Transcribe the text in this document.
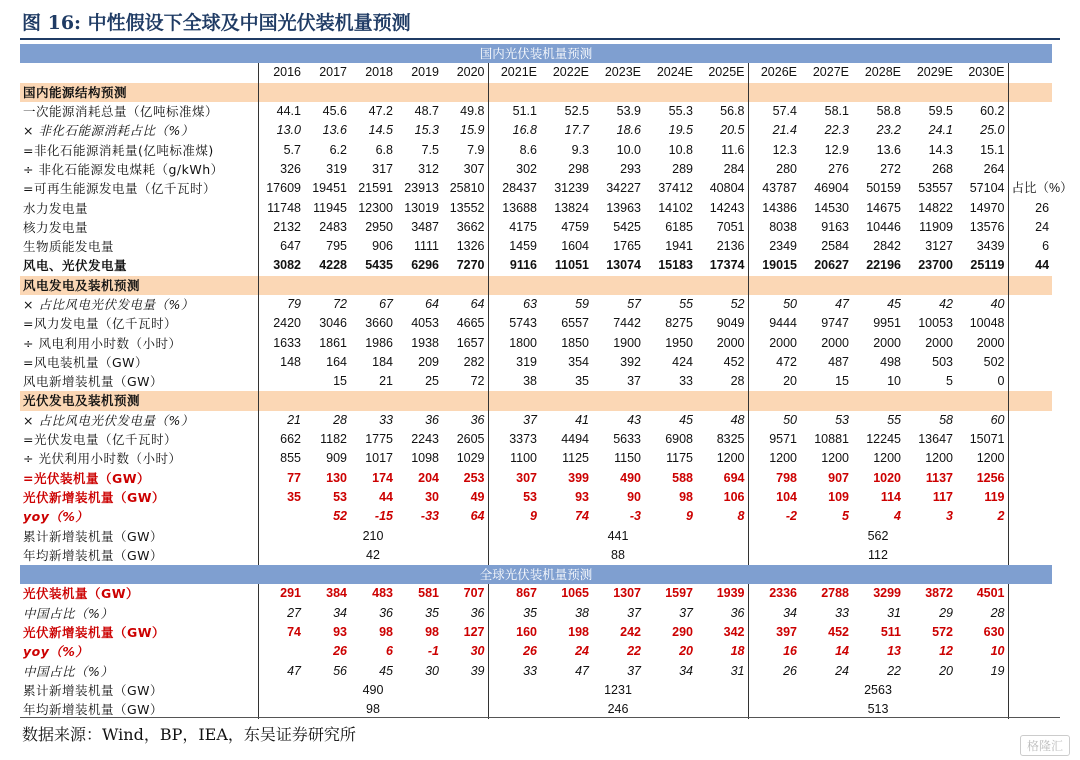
图 16: 中性假设下全球及中国光伏装机量预测
国内光伏装机量预测																
	2016	2017	2018	2019	2020	2021E	2022E	2023E	2024E	2025E	2026E	2027E	2028E	2029E	2030E	
国内能源结构预测																
一次能源消耗总量（亿吨标准煤）	44.1	45.6	47.2	48.7	49.8	51.1	52.5	53.9	55.3	56.8	57.4	58.1	58.8	59.5	60.2	
× 非化石能源消耗占比（%）	13.0	13.6	14.5	15.3	15.9	16.8	17.7	18.6	19.5	20.5	21.4	22.3	23.2	24.1	25.0	
=非化石能源消耗量(亿吨标准煤)	5.7	6.2	6.8	7.5	7.9	8.6	9.3	10.0	10.8	11.6	12.3	12.9	13.6	14.3	15.1	
÷ 非化石能源发电煤耗（g/kWh）	326	319	317	312	307	302	298	293	289	284	280	276	272	268	264	
=可再生能源发电量（亿千瓦时）	17609	19451	21591	23913	25810	28437	31239	34227	37412	40804	43787	46904	50159	53557	57104	占比（%）
水力发电量	11748	11945	12300	13019	13552	13688	13824	13963	14102	14243	14386	14530	14675	14822	14970	26
核力发电量	2132	2483	2950	3487	3662	4175	4759	5425	6185	7051	8038	9163	10446	11909	13576	24
生物质能发电量	647	795	906	1111	1326	1459	1604	1765	1941	2136	2349	2584	2842	3127	3439	6
风电、光伏发电量	3082	4228	5435	6296	7270	9116	11051	13074	15183	17374	19015	20627	22196	23700	25119	44
风电发电及装机预测																
× 占比风电光伏发电量（%）	79	72	67	64	64	63	59	57	55	52	50	47	45	42	40	
=风力发电量（亿千瓦时）	2420	3046	3660	4053	4665	5743	6557	7442	8275	9049	9444	9747	9951	10053	10048	
÷ 风电利用小时数（小时）	1633	1861	1986	1938	1657	1800	1850	1900	1950	2000	2000	2000	2000	2000	2000	
=风电装机量（GW）	148	164	184	209	282	319	354	392	424	452	472	487	498	503	502	
风电新增装机量（GW）		15	21	25	72	38	35	37	33	28	20	15	10	5	0	
光伏发电及装机预测																
× 占比风电光伏发电量（%）	21	28	33	36	36	37	41	43	45	48	50	53	55	58	60	
=光伏发电量（亿千瓦时）	662	1182	1775	2243	2605	3373	4494	5633	6908	8325	9571	10881	12245	13647	15071	
÷ 光伏利用小时数（小时）	855	909	1017	1098	1029	1100	1125	1150	1175	1200	1200	1200	1200	1200	1200	
=光伏装机量（GW）	77	130	174	204	253	307	399	490	588	694	798	907	1020	1137	1256	
光伏新增装机量（GW）	35	53	44	30	49	53	93	90	98	106	104	109	114	117	119	
yoy（%）		52	-15	-33	64	9	74	-3	9	8	-2	5	4	3	2	
累计新增装机量（GW）	210					441					562					
年均新增装机量（GW）	42					88					112					
全球光伏装机量预测																
光伏装机量（GW）	291	384	483	581	707	867	1065	1307	1597	1939	2336	2788	3299	3872	4501	
中国占比（%）	27	34	36	35	36	35	38	37	37	36	34	33	31	29	28	
光伏新增装机量（GW）	74	93	98	98	127	160	198	242	290	342	397	452	511	572	630	
yoy（%）		26	6	-1	30	26	24	22	20	18	16	14	13	12	10	
中国占比（%）	47	56	45	30	39	33	47	37	34	31	26	24	22	20	19	
累计新增装机量（GW）	490					1231					2563					
年均新增装机量（GW）	98					246					513					
数据来源：Wind，BP，IEA，东吴证券研究所
格隆汇
